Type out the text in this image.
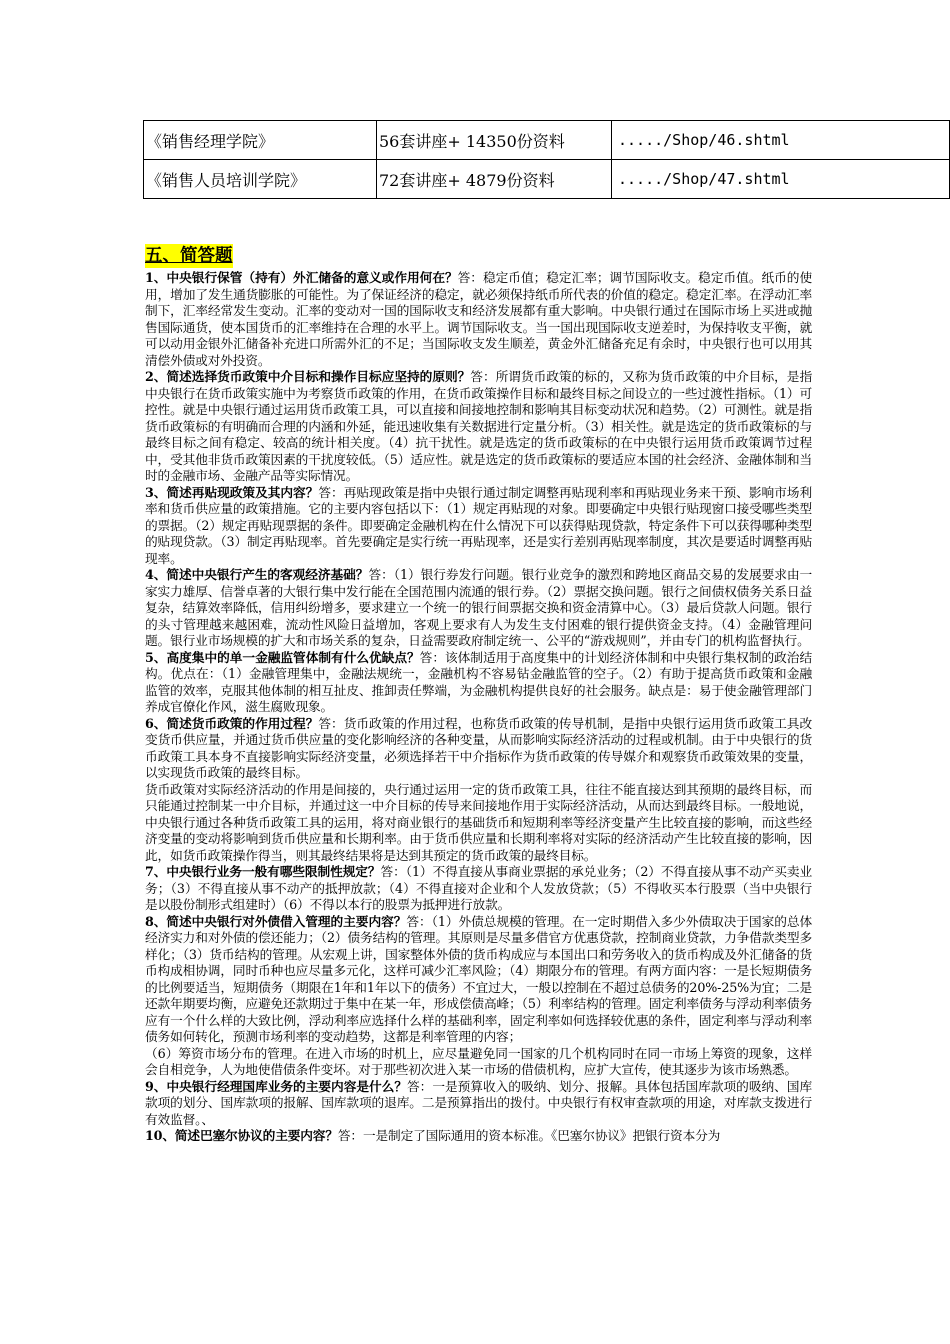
《销售经理学院》	56套讲座+ 14350份资料	...../Shop/46.shtml
《销售人员培训学院》	72套讲座+ 4879份资料	...../Shop/47.shtml
五、简答题

1、中央银行保管（持有）外汇储备的意义或作用何在？答：稳定币值；稳定汇率；调节国际收支。稳定币值。纸币的使用，增加了发生通货膨胀的可能性。为了保证经济的稳定，就必须保持纸币所代表的价值的稳定。稳定汇率。在浮动汇率制下，汇率经常发生变动。汇率的变动对一国的国际收支和经济发展都有重大影响。中央银行通过在国际市场上买进或抛售国际通货，使本国货币的汇率维持在合理的水平上。调节国际收支。当一国出现国际收支逆差时，为保持收支平衡，就可以动用金银外汇储备补充进口所需外汇的不足；当国际收支发生顺差，黄金外汇储备充足有余时，中央银行也可以用其清偿外债或对外投资。

2、简述选择货币政策中介目标和操作目标应坚持的原则？答：所谓货币政策的标的，又称为货币政策的中介目标，是指中央银行在货币政策实施中为考察货币政策的作用，在货币政策操作目标和最终目标之间设立的一些过渡性指标。（1）可控性。就是中央银行通过运用货币政策工具，可以直接和间接地控制和影响其目标变动状况和趋势。（2）可测性。就是指货币政策标的有明确而合理的内涵和外延，能迅速收集有关数据进行定量分析。（3）相关性。就是选定的货币政策标的与最终目标之间有稳定、较高的统计相关度。（4）抗干扰性。就是选定的货币政策标的在中央银行运用货币政策调节过程中，受其他非货币政策因素的干扰度较低。（5）适应性。就是选定的货币政策标的要适应本国的社会经济、金融体制和当时的金融市场、金融产品等实际情况。

3、简述再贴现政策及其内容？答：再贴现政策是指中央银行通过制定调整再贴现利率和再贴现业务来干预、影响市场利率和货币供应量的政策措施。它的主要内容包括以下：（1）规定再贴现的对象。即要确定中央银行贴现窗口接受哪些类型的票据。（2）规定再贴现票据的条件。即要确定金融机构在什么情况下可以获得贴现贷款，特定条件下可以获得哪种类型的贴现贷款。（3）制定再贴现率。首先要确定是实行统一再贴现率，还是实行差别再贴现率制度，其次是要适时调整再贴现率。

4、简述中央银行产生的客观经济基础？答：（1）银行券发行问题。银行业竞争的激烈和跨地区商品交易的发展要求由一家实力雄厚、信誉卓著的大银行集中发行能在全国范围内流通的银行券。（2）票据交换问题。银行之间债权债务关系日益复杂，结算效率降低，信用纠纷增多，要求建立一个统一的银行间票据交换和资金清算中心。（3）最后贷款人问题。银行的头寸管理越来越困难，流动性风险日益增加，客观上要求有人为发生支付困难的银行提供资金支持。（4）金融管理问题。银行业市场规模的扩大和市场关系的复杂，日益需要政府制定统一、公平的“游戏规则”，并由专门的机构监督执行。

5、高度集中的单一金融监管体制有什么优缺点？答：该体制适用于高度集中的计划经济体制和中央银行集权制的政治结构。优点在：（1）金融管理集中，金融法规统一，金融机构不容易钻金融监管的空子。（2）有助于提高货币政策和金融监管的效率，克服其他体制的相互扯皮、推卸责任弊端，为金融机构提供良好的社会服务。缺点是：易于使金融管理部门养成官僚化作风，滋生腐败现象。

6、简述货币政策的作用过程？答：货币政策的作用过程，也称货币政策的传导机制，是指中央银行运用货币政策工具改变货币供应量，并通过货币供应量的变化影响经济的各种变量，从而影响实际经济活动的过程或机制。由于中央银行的货币政策工具本身不直接影响实际经济变量，必须选择若干中介指标作为货币政策的传导媒介和观察货币政策效果的变量，以实现货币政策的最终目标。

货币政策对实际经济活动的作用是间接的，央行通过运用一定的货币政策工具，往往不能直接达到其预期的最终目标，而只能通过控制某一中介目标，并通过这一中介目标的传导来间接地作用于实际经济活动，从而达到最终目标。一般地说，中央银行通过各种货币政策工具的运用，将对商业银行的基础货币和短期利率等经济变量产生比较直接的影响，而这些经济变量的变动将影响到货币供应量和长期利率。由于货币供应量和长期利率将对实际的经济活动产生比较直接的影响，因此，如货币政策操作得当，则其最终结果将是达到其预定的货币政策的最终目标。

7、中央银行业务一般有哪些限制性规定？答：（1）不得直接从事商业票据的承兑业务；（2）不得直接从事不动产买卖业务；（3）不得直接从事不动产的抵押放款；（4）不得直接对企业和个人发放贷款；（5）不得收买本行股票（当中央银行是以股份制形式组建时）（6）不得以本行的股票为抵押进行放款。

8、简述中央银行对外债借入管理的主要内容？答：（1）外债总规模的管理。在一定时期借入多少外债取决于国家的总体经济实力和对外债的偿还能力；（2）债务结构的管理。其原则是尽量多借官方优惠贷款，控制商业贷款，力争借款类型多样化；（3）货币结构的管理。从宏观上讲，国家整体外债的货币构成应与本国出口和劳务收入的货币构成及外汇储备的货币构成相协调，同时币种也应尽量多元化，这样可减少汇率风险；（4）期限分布的管理。有两方面内容：一是长短期债务的比例要适当，短期债务（期限在1年和1年以下的债务）不宜过大，一般以控制在不超过总债务的20%-25%为宜；二是还款年期要均衡，应避免还款期过于集中在某一年，形成偿债高峰；（5）利率结构的管理。固定利率债务与浮动利率债务应有一个什么样的大致比例，浮动利率应选择什么样的基础利率，固定利率如何选择较优惠的条件，固定利率与浮动利率债务如何转化，预测市场利率的变动趋势，这都是利率管理的内容；

（6）筹资市场分布的管理。在进入市场的时机上，应尽量避免同一国家的几个机构同时在同一市场上筹资的现象，这样会自相竞争，人为地使借债条件变坏。对于那些初次进入某一市场的借债机构，应扩大宣传，使其逐步为该市场熟悉。

9、中央银行经理国库业务的主要内容是什么？答：一是预算收入的吸纳、划分、报解。具体包括国库款项的吸纳、国库款项的划分、国库款项的报解、国库款项的退库。二是预算指出的拨付。中央银行有权审查款项的用途，对库款支拨进行有效监督。、

10、简述巴塞尔协议的主要内容？答：一是制定了国际通用的资本标准。《巴塞尔协议》把银行资本分为
